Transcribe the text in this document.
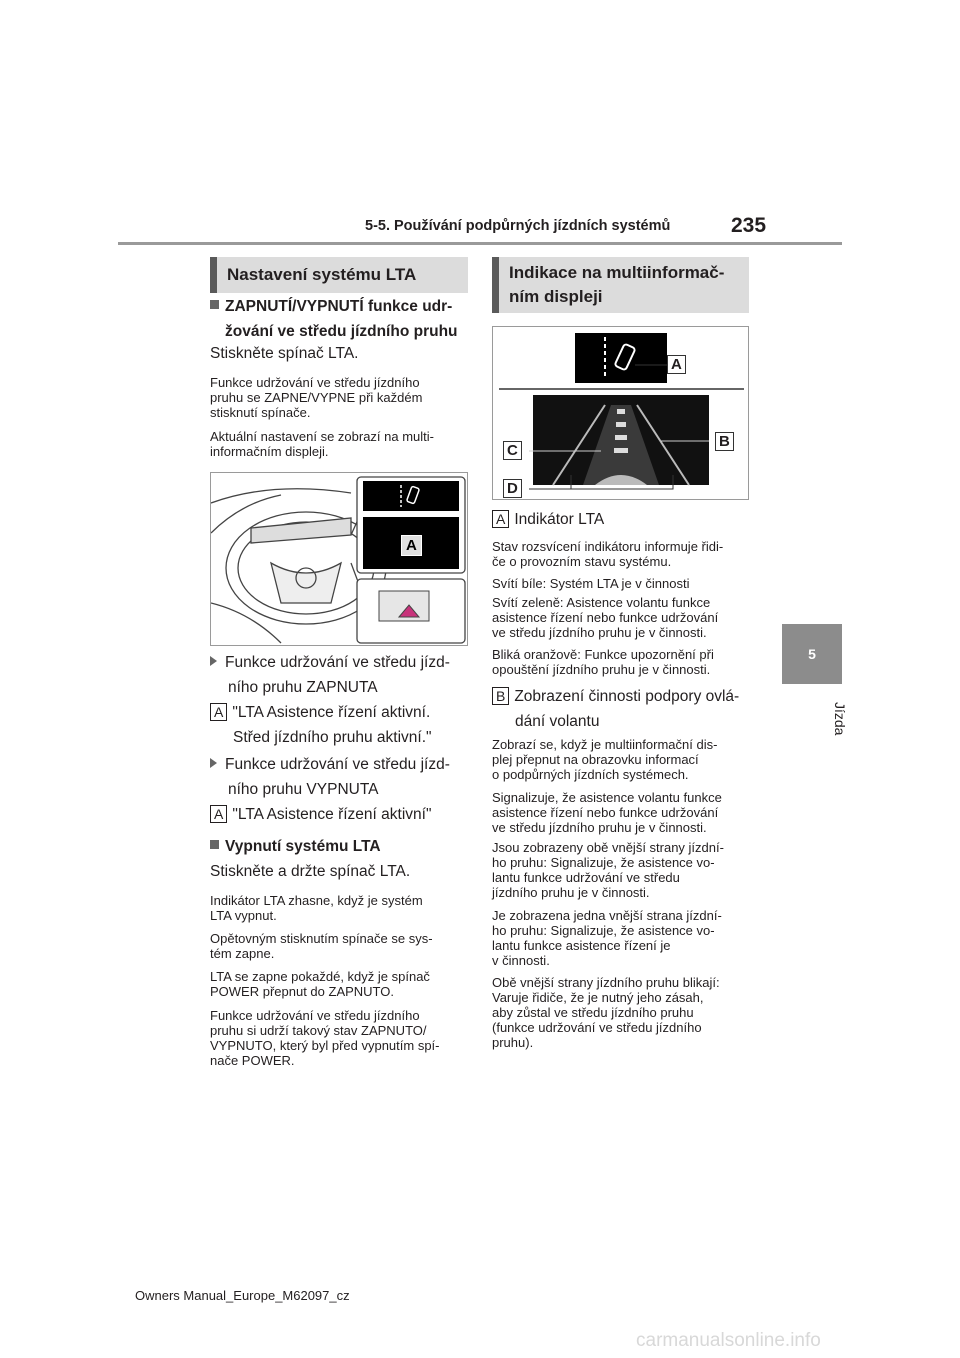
5-5. Používání podpůrných jízdních systémů	235
5
Jízda
Nastavení systému LTA
ZAPNUTÍ/VYPNUTÍ funkce udr-
žování ve středu jízdního pruhu
Stiskněte spínač LTA.
Funkce udržování ve středu jízdního
pruhu se ZAPNE/VYPNE při každém
stisknutí spínače.
Aktuální nastavení se zobrazí na multi-
informačním displeji.
A
Funkce udržování ve středu jízd-
ního pruhu ZAPNUTA
A "LTA Asistence řízení aktivní.
Střed jízdního pruhu aktivní."
Funkce udržování ve středu jízd-
ního pruhu VYPNUTA
A "LTA Asistence řízení aktivní"
Vypnutí systému LTA
Stiskněte a držte spínač LTA.
Indikátor LTA zhasne, když je systém
LTA vypnut.
Opětovným stisknutím spínače se sys-
tém zapne.
LTA se zapne pokaždé, když je spínač
POWER přepnut do ZAPNUTO.
Funkce udržování ve středu jízdního
pruhu si udrží takový stav ZAPNUTO/
VYPNUTO, který byl před vypnutím spí-
nače POWER.
Indikace na multiinformač-
ním displeji
A
B
C
D
A Indikátor LTA
Stav rozsvícení indikátoru informuje řidi-
če o provozním stavu systému.
Svítí bíle: Systém LTA je v činnosti
Svítí zeleně: Asistence volantu funkce
asistence řízení nebo funkce udržování
ve středu jízdního pruhu je v činnosti.
Bliká oranžově: Funkce upozornění při
opouštění jízdního pruhu je v činnosti.
B Zobrazení činnosti podpory ovlá-
dání volantu
Zobrazí se, když je multiinformační dis-
plej přepnut na obrazovku informací
o podpůrných jízdních systémech.
Signalizuje, že asistence volantu funkce
asistence řízení nebo funkce udržování
ve středu jízdního pruhu je v činnosti.
Jsou zobrazeny obě vnější strany jízdní-
ho pruhu: Signalizuje, že asistence vo-
lantu funkce udržování ve středu
jízdního pruhu je v činnosti.
Je zobrazena jedna vnější strana jízdní-
ho pruhu: Signalizuje, že asistence vo-
lantu funkce asistence řízení je
v činnosti.
Obě vnější strany jízdního pruhu blikají:
Varuje řidiče, že je nutný jeho zásah,
aby zůstal ve středu jízdního pruhu
(funkce udržování ve středu jízdního
pruhu).
Owners Manual_Europe_M62097_cz
carmanualsonline.info
